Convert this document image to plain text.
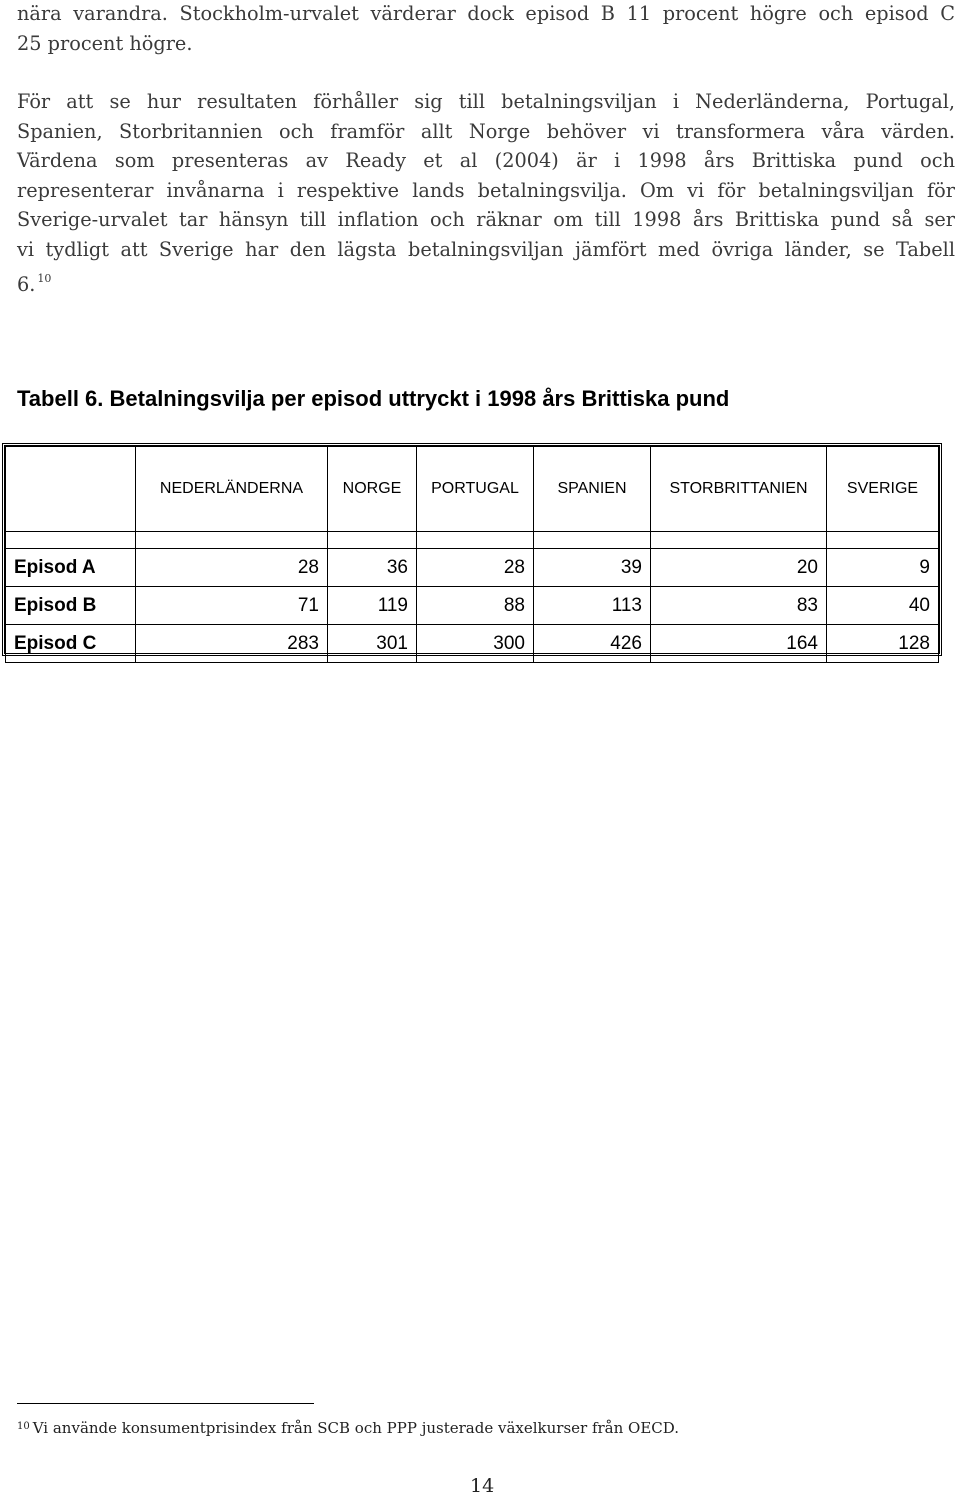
nära varandra. Stockholm-urvalet värderar dock episod B 11 procent högre och episod C
25 procent högre.
För att se hur resultaten förhåller sig till betalningsviljan i Nederländerna, Portugal,
Spanien, Storbritannien och framför allt Norge behöver vi transformera våra värden.
Värdena som presenteras av Ready et al (2004) är i 1998 års Brittiska pund och
representerar invånarna i respektive lands betalningsvilja. Om vi för betalningsviljan för
Sverige-urvalet tar hänsyn till inflation och räknar om till 1998 års Brittiska pund så ser
vi tydligt att Sverige har den lägsta betalningsviljan jämfört med övriga länder, se Tabell
6. $^{10}$
Tabell 6. Betalningsvilja per episod uttryckt i 1998 års Brittiska pund
	NEDERLÄNDERNA	NORGE	PORTUGAL	SPANIEN	STORBRITTANIEN	SVERIGE

Episod A	28	36	28	39	20	9
Episod B	71	119	88	113	83	40
Episod C	283	301	300	426	164	128
$^{10}$ Vi använde konsumentprisindex från SCB och PPP justerade växelkurser från OECD.
14
